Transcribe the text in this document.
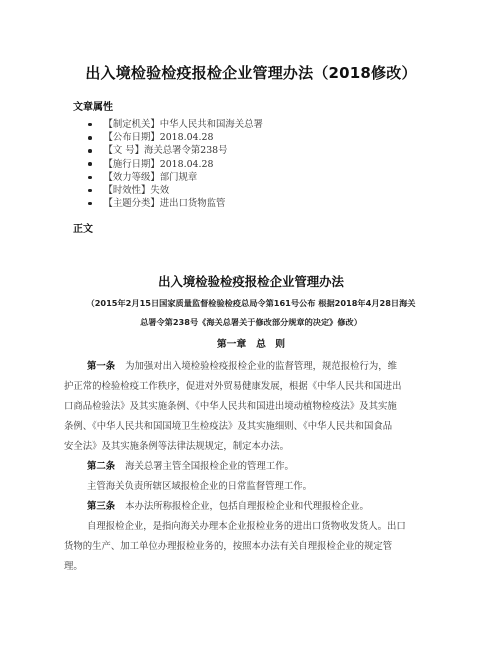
出入境检验检疫报检企业管理办法（2018修改）
文章属性
【制定机关】中华人民共和国海关总署
【公布日期】2018.04.28
【文 号】海关总署令第238号
【施行日期】2018.04.28
【效力等级】部门规章
【时效性】失效
【主题分类】进出口货物监管
正文
出入境检验检疫报检企业管理办法
（2015年2月15日国家质量监督检验检疫总局令第161号公布 根据2018年4月28日海关
总署令第238号《海关总署关于修改部分规章的决定》修改）
第一章　总 则
第一条 为加强对出入境检验检疫报检企业的监督管理，规范报检行为，维
护正常的检验检疫工作秩序，促进对外贸易健康发展，根据《中华人民共和国进出
口商品检验法》及其实施条例、《中华人民共和国进出境动植物检疫法》及其实施
条例、《中华人民共和国国境卫生检疫法》及其实施细则、《中华人民共和国食品
安全法》及其实施条例等法律法规规定，制定本办法。
第二条 海关总署主管全国报检企业的管理工作。
主管海关负责所辖区域报检企业的日常监督管理工作。
第三条 本办法所称报检企业，包括自理报检企业和代理报检企业。
自理报检企业，是指向海关办理本企业报检业务的进出口货物收发货人。出口
货物的生产、加工单位办理报检业务的，按照本办法有关自理报检企业的规定管
理。
